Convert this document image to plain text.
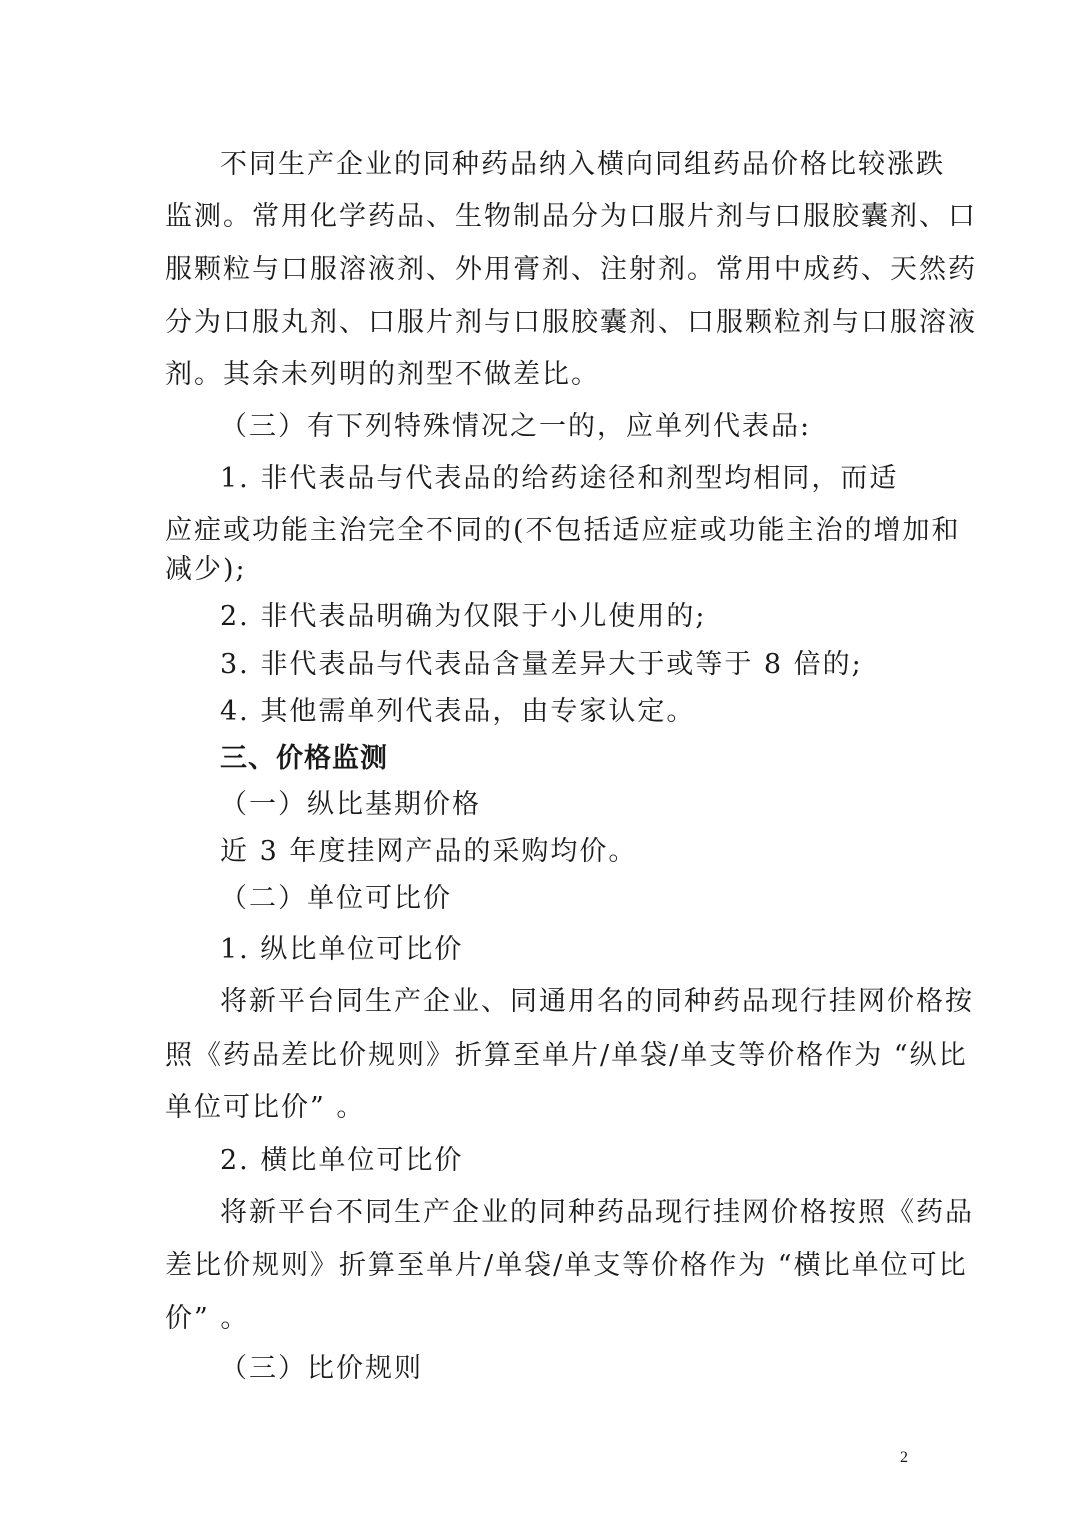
不同生产企业的同种药品纳入横向同组药品价格比较涨跌
监测。常用化学药品、生物制品分为口服片剂与口服胶囊剂、口
服颗粒与口服溶液剂、外用膏剂、注射剂。常用中成药、天然药
分为口服丸剂、口服片剂与口服胶囊剂、口服颗粒剂与口服溶液
剂。其余未列明的剂型不做差比。
（三）有下列特殊情况之一的，应单列代表品:
1. 非代表品与代表品的给药途径和剂型均相同，而适
应症或功能主治完全不同的(不包括适应症或功能主治的增加和
减少);
2. 非代表品明确为仅限于小儿使用的;
3. 非代表品与代表品含量差异大于或等于 8 倍的;
4. 其他需单列代表品，由专家认定。
三、价格监测
（一）纵比基期价格
近 3 年度挂网产品的采购均价。
（二）单位可比价
1. 纵比单位可比价
将新平台同生产企业、同通用名的同种药品现行挂网价格按
照《药品差比价规则》折算至单片/单袋/单支等价格作为 “纵比
单位可比价” 。
2. 横比单位可比价
将新平台不同生产企业的同种药品现行挂网价格按照《药品
差比价规则》折算至单片/单袋/单支等价格作为 “横比单位可比
价” 。
（三）比价规则
2
